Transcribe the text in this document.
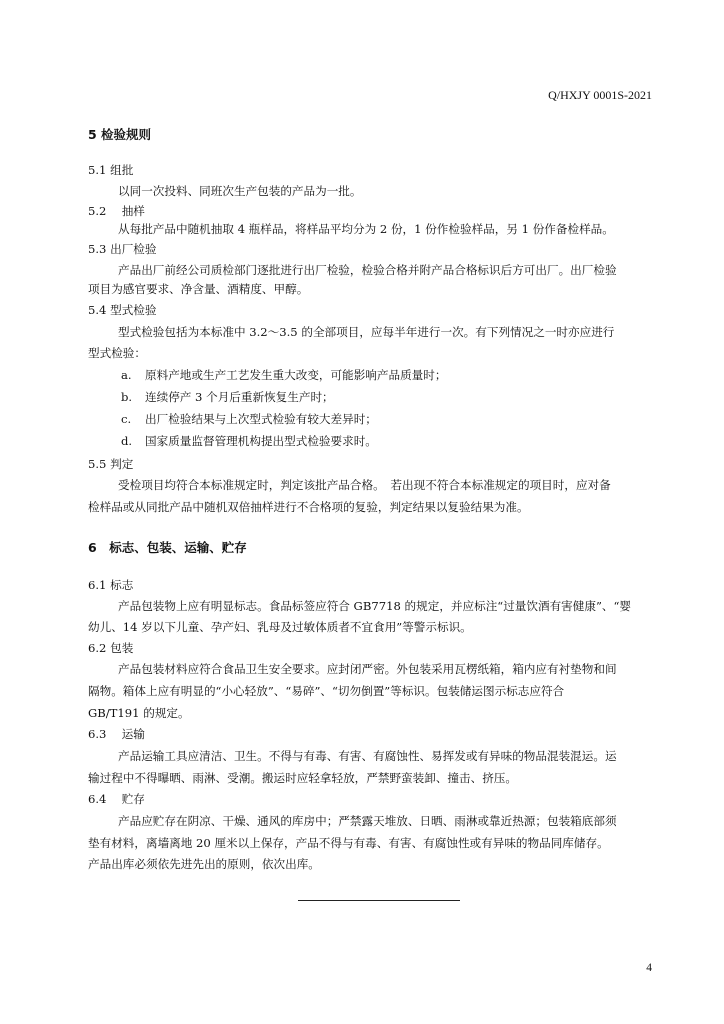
Q/HXJY 0001S-2021
5 检验规则
5.1 组批
以同一次投料、同班次生产包装的产品为一批。
5.2　 抽样
从每批产品中随机抽取 4 瓶样品，将样品平均分为 2 份，1 份作检验样品，另 1 份作备检样品。
5.3 出厂检验
产品出厂前经公司质检部门逐批进行出厂检验，检验合格并附产品合格标识后方可出厂。出厂检验
项目为感官要求、净含量、酒精度、甲醇。
5.4 型式检验
型式检验包括为本标准中 3.2～3.5 的全部项目，应每半年进行一次。有下列情况之一时亦应进行
型式检验：
a. 原料产地或生产工艺发生重大改变，可能影响产品质量时；
b. 连续停产 3 个月后重新恢复生产时；
c. 出厂检验结果与上次型式检验有较大差异时；
d. 国家质量监督管理机构提出型式检验要求时。
5.5 判定
受检项目均符合本标准规定时，判定该批产品合格。　若出现不符合本标准规定的项目时，应对备
检样品或从同批产品中随机双倍抽样进行不合格项的复验，判定结果以复验结果为准。
6　标志、包装、运输、贮存
6.1 标志
产品包装物上应有明显标志。食品标签应符合 GB7718 的规定，并应标注“过量饮酒有害健康”、“婴
幼儿、14 岁以下儿童、孕产妇、乳母及过敏体质者不宜食用”等警示标识。
6.2 包装
产品包装材料应符合食品卫生安全要求。应封闭严密。外包装采用瓦楞纸箱，箱内应有衬垫物和间
隔物。箱体上应有明显的“小心轻放”、“易碎”、“切勿倒置”等标识。包装储运图示标志应符合
GB/T191 的规定。
6.3　 运输
产品运输工具应清洁、卫生。不得与有毒、有害、有腐蚀性、易挥发或有异味的物品混装混运。运
输过程中不得曝晒、雨淋、受潮。搬运时应轻拿轻放，严禁野蛮装卸、撞击、挤压。
6.4　 贮存
产品应贮存在阴凉、干燥、通风的库房中；严禁露天堆放、日晒、雨淋或靠近热源；包装箱底部须
垫有材料，离墙离地 20 厘米以上保存，产品不得与有毒、有害、有腐蚀性或有异味的物品同库储存。
产品出库必须依先进先出的原则，依次出库。
4
